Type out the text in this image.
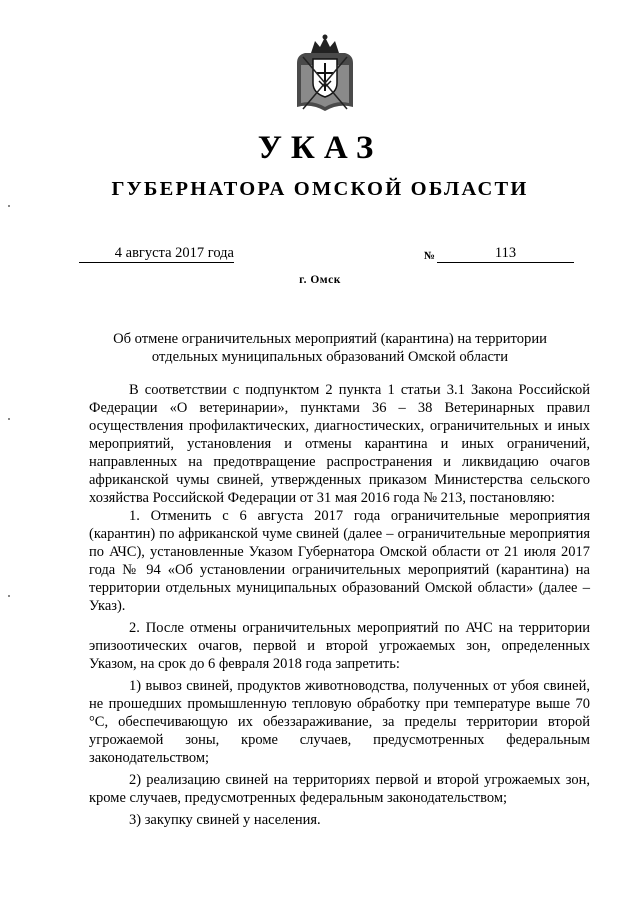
УКАЗ
ГУБЕРНАТОРА ОМСКОЙ ОБЛАСТИ
4 августа 2017 года	№	113
г. Омск
Об отмене ограничительных мероприятий (карантина) на территории
отдельных муниципальных образований Омской области

В соответствии с подпунктом 2 пункта 1 статьи 3.1 Закона Российской Федерации «О ветеринарии», пунктами 36 – 38 Ветеринарных правил осуществления профилактических, диагностических, ограничительных и иных мероприятий, установления и отмены карантина и иных ограничений, направленных на предотвращение распространения и ликвидацию очагов африканской чумы свиней, утвержденных приказом Министерства сельского хозяйства Российской Федерации от 31 мая 2016 года № 213, постановляю:

1. Отменить с 6 августа 2017 года ограничительные мероприятия (карантин) по африканской чуме свиней (далее – ограничительные мероприятия по АЧС), установленные Указом Губернатора Омской области от 21 июля 2017 года № 94 «Об установлении ограничительных мероприятий (карантина) на территории отдельных муниципальных образований Омской области» (далее – Указ).

2. После отмены ограничительных мероприятий по АЧС на территории эпизоотических очагов, первой и второй угрожаемых зон, определенных Указом, на срок до 6 февраля 2018 года запретить:

1) вывоз свиней, продуктов животноводства, полученных от убоя свиней, не прошедших промышленную тепловую обработку при температуре выше 70 °С, обеспечивающую их обеззараживание, за пределы территории второй угрожаемой зоны, кроме случаев, предусмотренных федеральным законодательством;

2) реализацию свиней на территориях первой и второй угрожаемых зон, кроме случаев, предусмотренных федеральным законодательством;

3) закупку свиней у населения.
